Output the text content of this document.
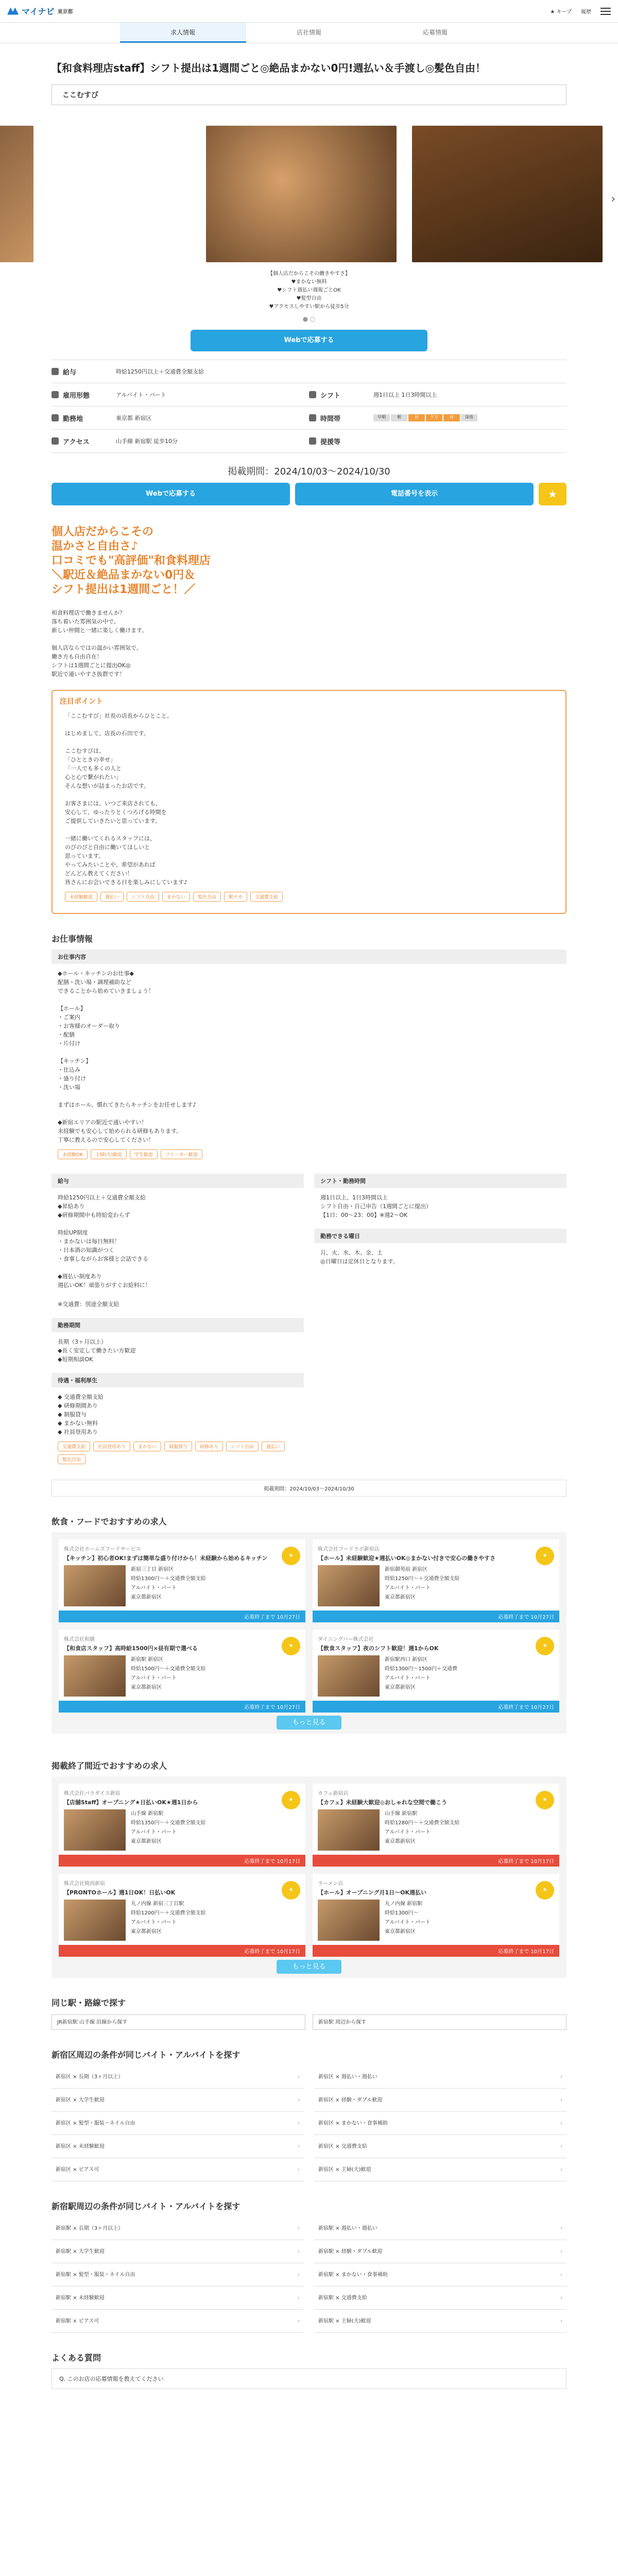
マイナビ 東京都	★ キープ 履歴
求人情報	店社情報	応募情報
【和食料理店staff】シフト提出は1週間ごと◎絶品まかない0円!週払い＆手渡し◎髪色自由！
ここむすび
›
【個人店だからこその働きやすさ】
♥まかない無料
♥シフト週払い週報ごとOK
♥髪型自由
♥アクセスしやすい駅から徒歩5分
● ○
Webで応募する
給与	時給1250円以上＋交通費全額支給
雇用形態	アルバイト・パート	シフト	週1日以上 1日3時間以上
勤務地	東京都 新宿区	時間帯	早朝	朝	昼	夕方	夜	深夜
アクセス	山手線 新宿駅 徒歩10分	提援等
掲載期間：2024/10/03〜2024/10/30
Webで応募する	電話番号を表示	★
個人店だからこその
温かさと自由さ♪
口コミでも"高評価"和食料理店
＼駅近＆絶品まかない0円＆
シフト提出は1週間ごと！／
和食料理店で働きませんか？
落ち着いた雰囲気の中で、
新しい仲間と一緒に楽しく働けます。

個人店ならではの温かい雰囲気で、
働き方も自由自在！
シフトは1週間ごとに提出OK◎
駅近で通いやすさ抜群です！
注目ポイント

「ここむすび」社長の店長からひとこと。

はじめまして、店長の石田です。

ここむすびは、
「ひとときの幸せ」
「一人でも多くの人と
心と心で繋がれたい」
そんな想いが詰まったお店です。

お客さまには、いつご来店されても、
安心して、ゆったりとくつろげる時間を
ご提供していきたいと思っています。

一緒に働いてくれるスタッフには、
のびのびと自由に働いてほしいと
思っています。
やってみたいことや、希望があれば
どんどん教えてください！
皆さんにお会いできる日を楽しみにしています♪

未経験歓迎	週払い	シフト自由	まかない	髪色自由	駅チカ	交通費支給
お仕事情報
お仕事内容

◆ホール・キッチンのお仕事◆
配膳・洗い場・調理補助など
できることから始めていきましょう！

【ホール】
・ご案内
・お客様のオーダー取り
・配膳
・片付け

【キッチン】
・仕込み
・盛り付け
・洗い場

まずはホール、慣れてきたらキッチンをお任せします♪

◆新宿エリアの駅近で通いやすい！
未経験でも安心して始められる研修もあります。
丁寧に教えるので安心してください！

未経験OK	主婦(夫)歓迎	学生歓迎	フリーター歓迎
給与

時給1250円以上＋交通費全額支給
◆昇給あり
◆研修期間中も時給変わらず

時給UP制度
・まかないは毎日無料！
・日本酒の知識がつく
・食事しながらお客様と会話できる

◆週払い制度あり
週払いOK！頑張りがすぐお給料に！

※交通費：別途全額支給

勤務期間

長期（3ヶ月以上）
◆長く安定して働きたい方歓迎
◆短期相談OK

待遇・福利厚生

◆ 交通費全額支給
◆ 研修期間あり
◆ 制服貸与
◆ まかない無料
◆ 社員登用あり

交通費支給	社員登用あり	まかない	制服貸与	研修あり	シフト自由	週払い
髪色自由
シフト・勤務時間

週1日以上、1日3時間以上
シフト自由・自己申告（1週間ごとに提出）
【1日：00〜23：00】※週2〜OK

勤務できる曜日

月、火、水、木、金、土
◎日曜日は定休日となります。

掲載期間：2024/10/03〜2024/10/30
飲食・フードでおすすめの求人
株式会社ホームズフードサービス
【キッチン】初心者OK!まずは簡単な盛り付けから！未経験から始めるキッチン	★
新宿三丁目 新宿区
時給1300円〜＋交通費全額支給
アルバイト・パート
東京都新宿区
応募終了まで 10月27日
株式会社フードラボ新宿店
【ホール】未経験歓迎★週払いOK◎まかない付きで安心の働きやすさ	★
新宿御苑前 新宿区
時給1250円〜＋交通費全額支給
アルバイト・パート
東京都新宿区
応募終了まで 10月27日
株式会社和膳
【和食店スタッフ】高時給1500円×昼有期で選べる	★
新宿駅 新宿区
時給1500円〜＋交通費全額支給
アルバイト・パート
東京都新宿区
応募終了まで 10月27日
ダイニングバー株式会社
【飲食スタッフ】夜のシフト歓迎！週1からOK	★
新宿駅西口 新宿区
時給1300円〜1500円＋交通費
アルバイト・パート
東京都新宿区
応募終了まで 10月27日
もっと見る
掲載終了間近でおすすめの求人
株式会社パラダイス新宿
【店舗Staff】オープニング★日払いOK★週1日から	★
山手線 新宿駅
時給1350円〜＋交通費全額支給
アルバイト・パート
東京都新宿区
応募終了まで 10月17日
カフェ新宿店
【カフェ】未経験大歓迎◎おしゃれな空間で働こう	★
山手線 新宿駅
時給1280円〜＋交通費全額支給
アルバイト・パート
東京都新宿区
応募終了まで 10月17日
株式会社焼肉新宿
【PRONTOホール】週1日OK！日払いOK	★
丸ノ内線 新宿三丁目駅
時給1200円〜＋交通費全額支給
アルバイト・パート
東京都新宿区
応募終了まで 10月17日
ラーメン店
【ホール】オープニング月1日〜OK週払い	★
丸ノ内線 新宿駅
時給1300円〜
アルバイト・パート
東京都新宿区
応募終了まで 10月17日
もっと見る
同じ駅・路線で探す
JR新宿駅 山手線 沿線から探す	新宿駅 周辺から探す
新宿区周辺の条件が同じバイト・アルバイトを探す
新宿区 × 長期（3ヶ月以上） ›	新宿区 × 週払い・週払い ›
新宿区 × 大学生歓迎 ›	新宿区 × 経験・ダブル歓迎 ›
新宿区 × 髪型・服装・ネイル自由 ›	新宿区 × まかない・食事補助 ›
新宿区 × 未経験歓迎 ›	新宿区 × 交通費支給 ›
新宿区 × ピアス可 ›	新宿区 × 主婦(夫)歓迎 ›
新宿駅周辺の条件が同じバイト・アルバイトを探す
新宿駅 × 長期（3ヶ月以上） ›	新宿駅 × 週払い・週払い ›
新宿駅 × 大学生歓迎 ›	新宿駅 × 経験・ダブル歓迎 ›
新宿駅 × 髪型・服装・ネイル自由 ›	新宿駅 × まかない・食事補助 ›
新宿駅 × 未経験歓迎 ›	新宿駅 × 交通費支給 ›
新宿駅 × ピアス可 ›	新宿駅 × 主婦(夫)歓迎 ›
よくある質問
Q. このお店の応募情報を教えてください
